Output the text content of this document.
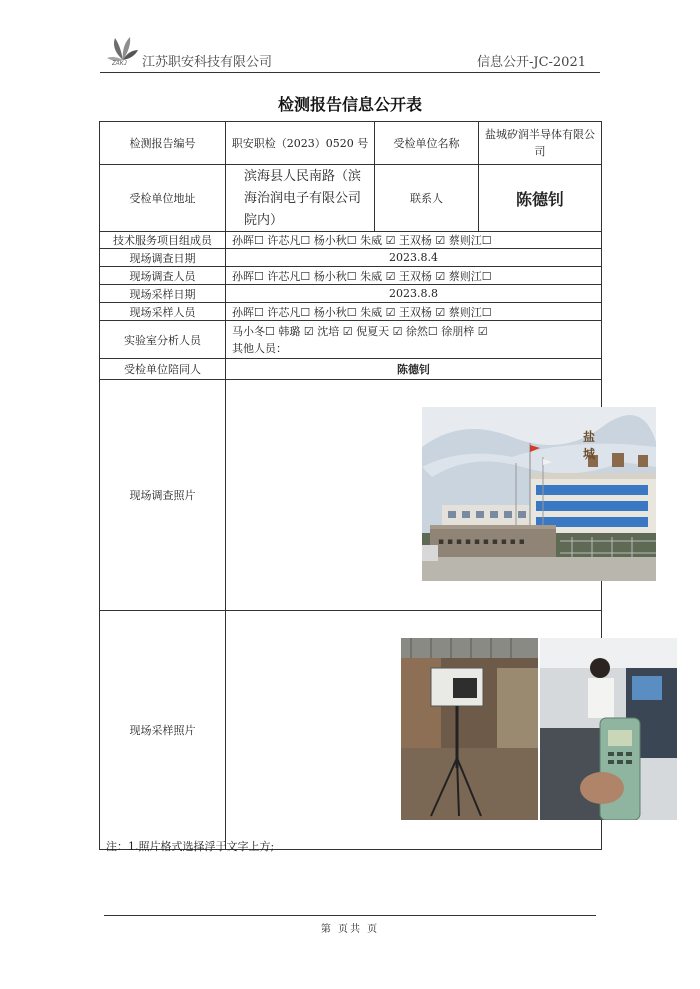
ZAKJ 江苏职安科技有限公司	信息公开-JC-2021
检测报告信息公开表
检测报告编号	职安职检（2023）0520 号	受检单位名称	盐城矽润半导体有限公司
受检单位地址	滨海县人民南路（滨海治润电子有限公司院内）	联系人	陈德钊
技术服务项目组成员	孙晖☐ 许芯凡☐ 杨小秋☐ 朱威 ☑ 王双杨 ☑ 蔡则江☐		
现场调查日期	2023.8.4		
现场调查人员	孙晖☐ 许芯凡☐ 杨小秋☐ 朱威 ☑ 王双杨 ☑ 蔡则江☐		
现场采样日期	2023.8.8		
现场采样人员	孙晖☐ 许芯凡☐ 杨小秋☐ 朱威 ☑ 王双杨 ☑ 蔡则江☐		
实验室分析人员	马小冬☐ 韩璐 ☑ 沈培 ☑ 倪夏天 ☑ 徐然☐ 徐朋梓 ☑
其他人员：		

受检单位陪同人	陈德钊		
现场调查照片	▪ ▪ ▪ ▪ ▪ ▪ ▪ ▪ ▪ ▪
盐 城		

现场采样照片	
注：1.照片格式选择浮于文字上方;
第 页共 页
